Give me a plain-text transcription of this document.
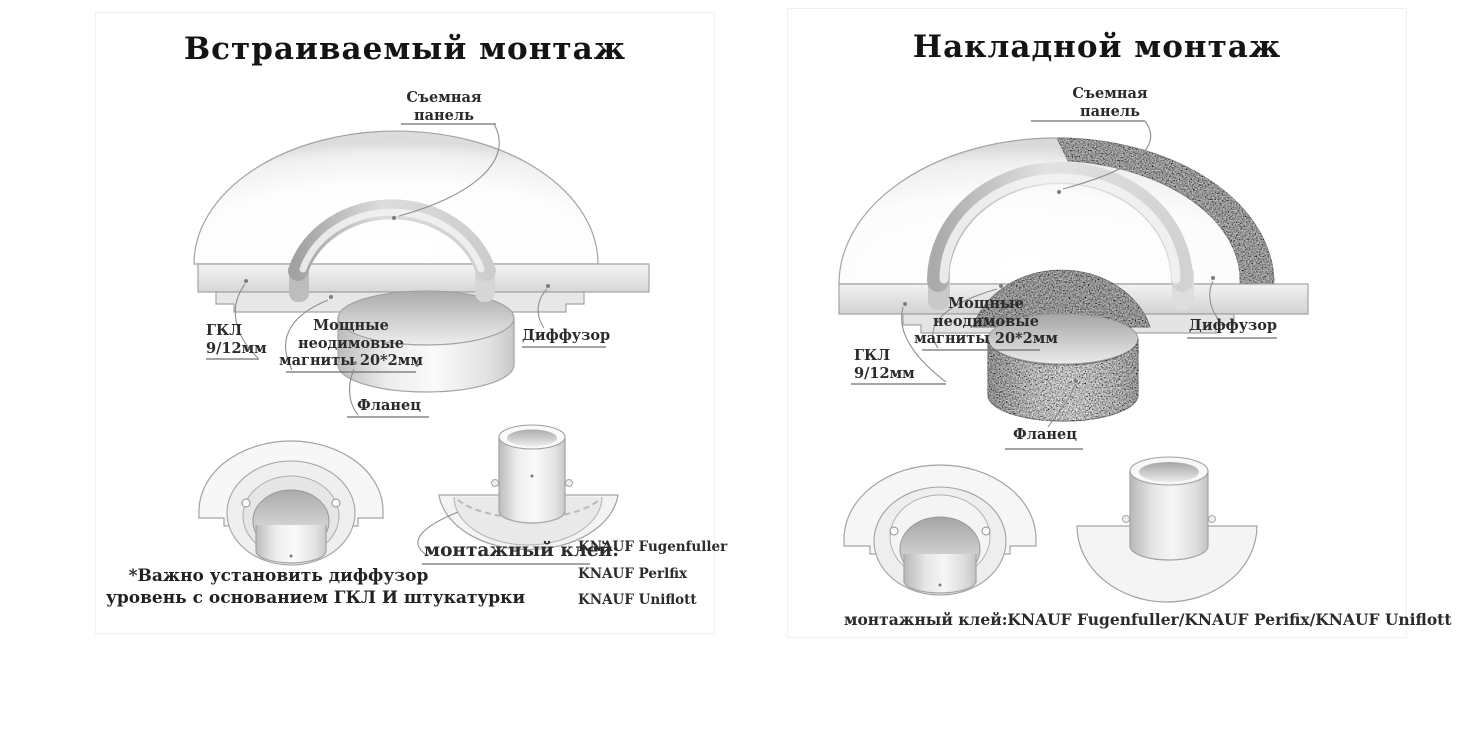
Встраиваемый монтаж
Съемная
панель
ГКЛ
9/12мм
Мощные
неодимовые
магниты 20*2мм
Диффузор
Фланец
монтажный клей:
KNAUF Fugenfuller
KNAUF Perlfix
KNAUF Uniflott
*Важно установить диффузор
уровень с основанием ГКЛ И штукатурки
Накладной монтаж
Съемная
панель
Мощные
неодимовые
магниты 20*2мм
Диффузор
ГКЛ
9/12мм
Фланец
монтажный клей:KNAUF Fugenfuller/KNAUF Perifix/KNAUF Uniflott
